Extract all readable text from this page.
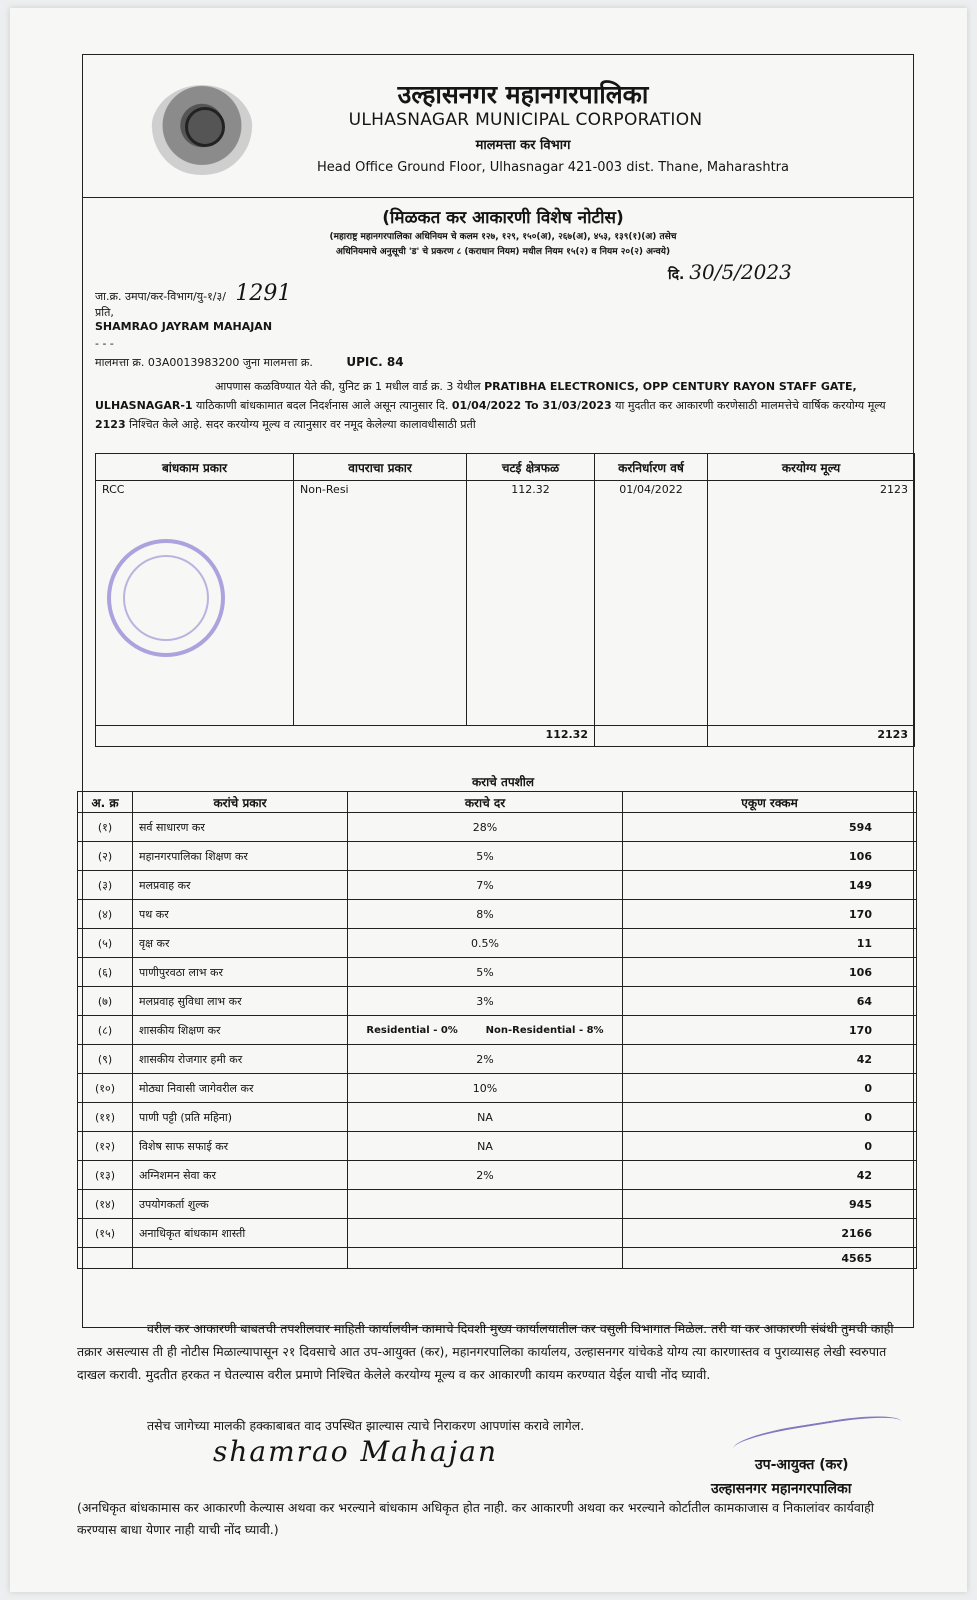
उल्हासनगर महानगरपालिका
ULHASNAGAR MUNICIPAL CORPORATION
मालमत्ता कर विभाग
Head Office Ground Floor, Ulhasnagar 421-003 dist. Thane, Maharashtra
(मिळकत कर आकारणी विशेष नोटीस)
(महाराष्ट्र महानगरपालिका अधिनियम चे कलम १२७, १२९, १५०(अ), २६७(अ), ४५३, १३९(१)(अ) तसेच
अधिनियमाचे अनुसूची 'ड' चे प्रकरण ८ (कराधान नियम) मधील नियम १५(२) व नियम २०(२) अन्वये)
दि. 30/5/2023
जा.क्र. उमपा/कर-विभाग/यु-१/३/ 1291
प्रति,
SHAMRAO JAYRAM MAHAJAN
- - -
मालमत्ता क्र. 03A0013983200 जुना मालमत्ता क्र.	UPIC. 84
आपणास कळविण्यात येते की, युनिट क्र 1 मधील वार्ड क्र. 3 येथील PRATIBHA ELECTRONICS, OPP CENTURY RAYON STAFF GATE, ULHASNAGAR-1 याठिकाणी बांधकामात बदल निदर्शनास आले असून त्यानुसार दि. 01/04/2022 To 31/03/2023 या मुदतीत कर आकारणी करणेसाठी मालमत्तेचे वार्षिक करयोग्य मूल्य 2123 निश्चित केले आहे. सदर करयोग्य मूल्य व त्यानुसार वर नमूद केलेल्या कालावधीसाठी प्रती
बांधकाम प्रकार	वापराचा प्रकार	चटई क्षेत्रफळ	करनिर्धारण वर्ष	करयोग्य मूल्य
RCC	Non-Resi	112.32	01/04/2022	2123
112.32				2123
कराचे तपशील
अ. क्र	करांचे प्रकार	कराचे दर	एकूण रक्कम
(१)	सर्व साधारण कर	28%	594
(२)	महानगरपालिका शिक्षण कर	5%	106
(३)	मलप्रवाह कर	7%	149
(४)	पथ कर	8%	170
(५)	वृक्ष कर	0.5%	11
(६)	पाणीपुरवठा लाभ कर	5%	106
(७)	मलप्रवाह सुविधा लाभ कर	3%	64
(८)	शासकीय शिक्षण कर	Residential - 0%        Non-Residential - 8%	170
(९)	शासकीय रोजगार हमी कर	2%	42
(१०)	मोठ्या निवासी जागेवरील कर	10%	0
(११)	पाणी पट्टी (प्रति महिना)	NA	0
(१२)	विशेष साफ सफाई कर	NA	0
(१३)	अग्निशमन सेवा कर	2%	42
(१४)	उपयोगकर्ता शुल्क		945
(१५)	अनाधिकृत बांधकाम शास्ती		2166
			4565
वरील कर आकारणी बाबतची तपशीलवार माहिती कार्यालयीन कामाचे दिवशी मुख्य कार्यालयातील कर वसुली विभागात मिळेल. तरी या कर आकारणी संबंधी तुमची काही तक्रार असल्यास ती ही नोटीस मिळाल्यापासून २१ दिवसाचे आत उप-आयुक्त (कर), महानगरपालिका कार्यालय, उल्हासनगर यांचेकडे योग्य त्या कारणास्तव व पुराव्यासह लेखी स्वरुपात दाखल करावी. मुदतीत हरकत न घेतल्यास वरील प्रमाणे निश्चित केलेले करयोग्य मूल्य व कर आकारणी कायम करण्यात येईल याची नोंद घ्यावी.
तसेच जागेच्या मालकी हक्काबाबत वाद उपस्थित झाल्यास त्याचे निराकरण आपणांस करावे लागेल.
shamrao Mahajan	उप-आयुक्त (कर)
उल्हासनगर महानगरपालिका
(अनधिकृत बांधकामास कर आकारणी केल्यास अथवा कर भरल्याने बांधकाम अधिकृत होत नाही. कर आकारणी अथवा कर भरल्याने कोर्टातील कामकाजास व निकालांवर कार्यवाही करण्यास बाधा येणार नाही याची नोंद घ्यावी.)
